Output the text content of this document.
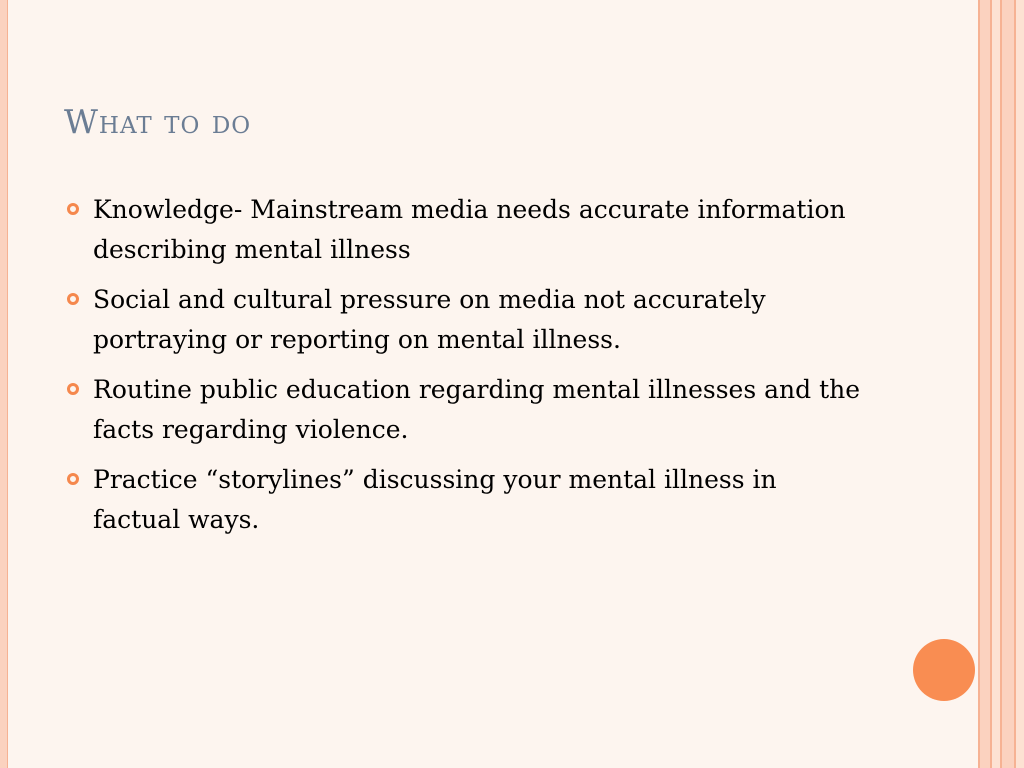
What to do
Knowledge- Mainstream media needs accurate information describing mental illness
Social and cultural pressure on media not accurately portraying or reporting on mental illness.
Routine public education regarding mental illnesses and the facts regarding violence.
Practice “storylines” discussing your mental illness in factual ways.
